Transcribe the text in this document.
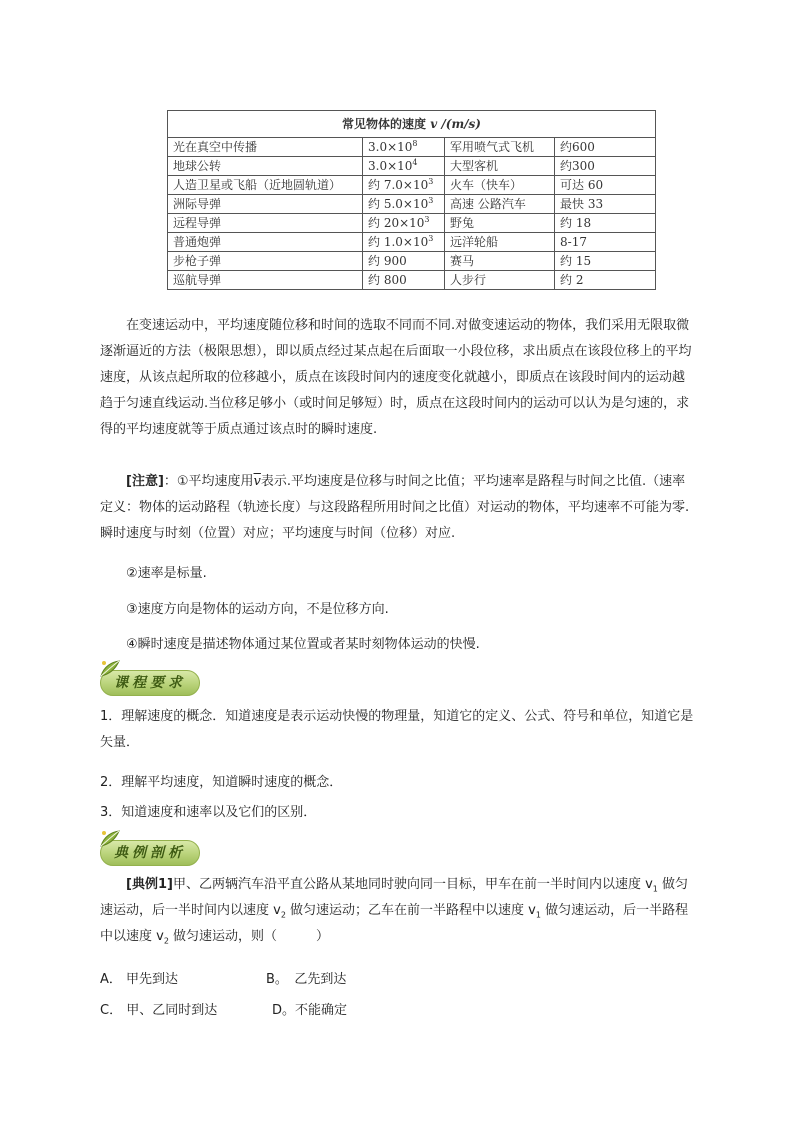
常见物体的速度 v /(m/s)			
光在真空中传播	$3.0\times 10^8$	军用喷气式飞机	约600
地球公转	$3.0\times 10^4$	大型客机	约300
人造卫星或飞船（近地圆轨道）	约 $7.0\times 10^3$	火车（快车）	可达 60
洲际导弹	约 $5.0\times 10^3$	高速 公路汽车	最快 33
远程导弹	约 $20\times 10^3$	野兔	约 18
普通炮弹	约 $1.0\times 10^3$	远洋轮船	8-17
步枪子弹	约 900	赛马	约 15
巡航导弹	约 800	人步行	约 2

在变速运动中，平均速度随位移和时间的选取不同而不同.对做变速运动的物体，我们采用无限取微逐渐逼近的方法（极限思想），即以质点经过某点起在后面取一小段位移，求出质点在该段位移上的平均速度，从该点起所取的位移越小，质点在该段时间内的速度变化就越小，即质点在该段时间内的运动越趋于匀速直线运动.当位移足够小（或时间足够短）时，质点在这段时间内的运动可以认为是匀速的，求得的平均速度就等于质点通过该点时的瞬时速度.

[注意]：①平均速度用$\overline{v}$表示.平均速度是位移与时间之比值；平均速率是路程与时间之比值.（速率定义：物体的运动路程（轨迹长度）与这段路程所用时间之比值）对运动的物体，平均速率不可能为零.瞬时速度与时刻（位置）对应；平均速度与时间（位移）对应.

②速率是标量.

③速度方向是物体的运动方向，不是位移方向.

④瞬时速度是描述物体通过某位置或者某时刻物体运动的快慢.

课程要求

1．理解速度的概念．知道速度是表示运动快慢的物理量，知道它的定义、公式、符号和单位，知道它是矢量．

2．理解平均速度，知道瞬时速度的概念．

3．知道速度和速率以及它们的区别．

典例剖析

[典例1]甲、乙两辆汽车沿平直公路从某地同时驶向同一目标，甲车在前一半时间内以速度 $v_1$ 做匀速运动，后一半时间内以速度 $v_2$ 做匀速运动；乙车在前一半路程中以速度 $v_1$ 做匀速运动，后一半路程中以速度 $v_2$ 做匀速运动，则（　　　）

A． 甲先到达	B。　乙先到达

C． 甲、乙同时到达	D。不能确定
